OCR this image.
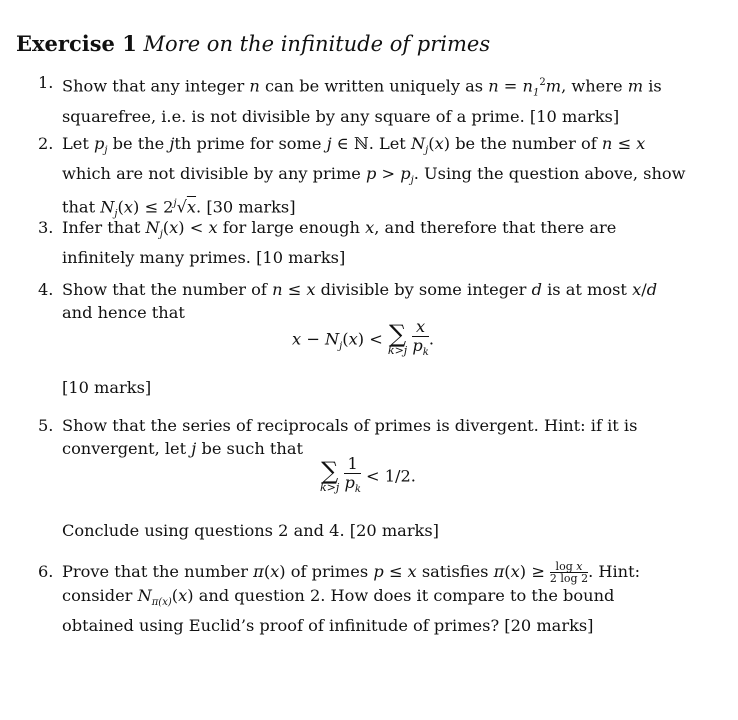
Exercise 1 More on the infinitude of primes
1. Show that any integer n can be written uniquely as $n = n_1^2m$, where m is squarefree, i.e. is not divisible by any square of a prime. [10 marks]
2. Let $p_j$ be the jth prime for some j ∈ ℕ. Let $N_j(x)$ be the number of n ≤ x which are not divisible by any prime $p > p_j$. Using the question above, show that $N_j(x) \le 2^j√x$. [30 marks]
3. Infer that $N_j(x) < x$ for large enough x, and therefore that there are infinitely many primes. [10 marks]
4. Show that the number of n ≤ x divisible by some integer d is at most x/d and hence that
$x - N_j(x)$ < ∑
k>j
$\frac{x}{p_k}$ .
[10 marks]
5. Show that the series of reciprocals of primes is divergent. Hint: if it is convergent, let j be such that
∑
k>j
$\frac{1}{p_k} < 1/2$.
Conclude using questions 2 and 4. [20 marks]
6. Prove that the number π(x) of primes p ≤ x satisfies $\pi(x) \ge \frac{\text{log x}}{2 \log 2}$ . Hint: consider $N_{\pi(x)}(x)$ and question 2. How does it compare to the bound obtained using Euclid’s proof of infinitude of primes? [20 marks]
